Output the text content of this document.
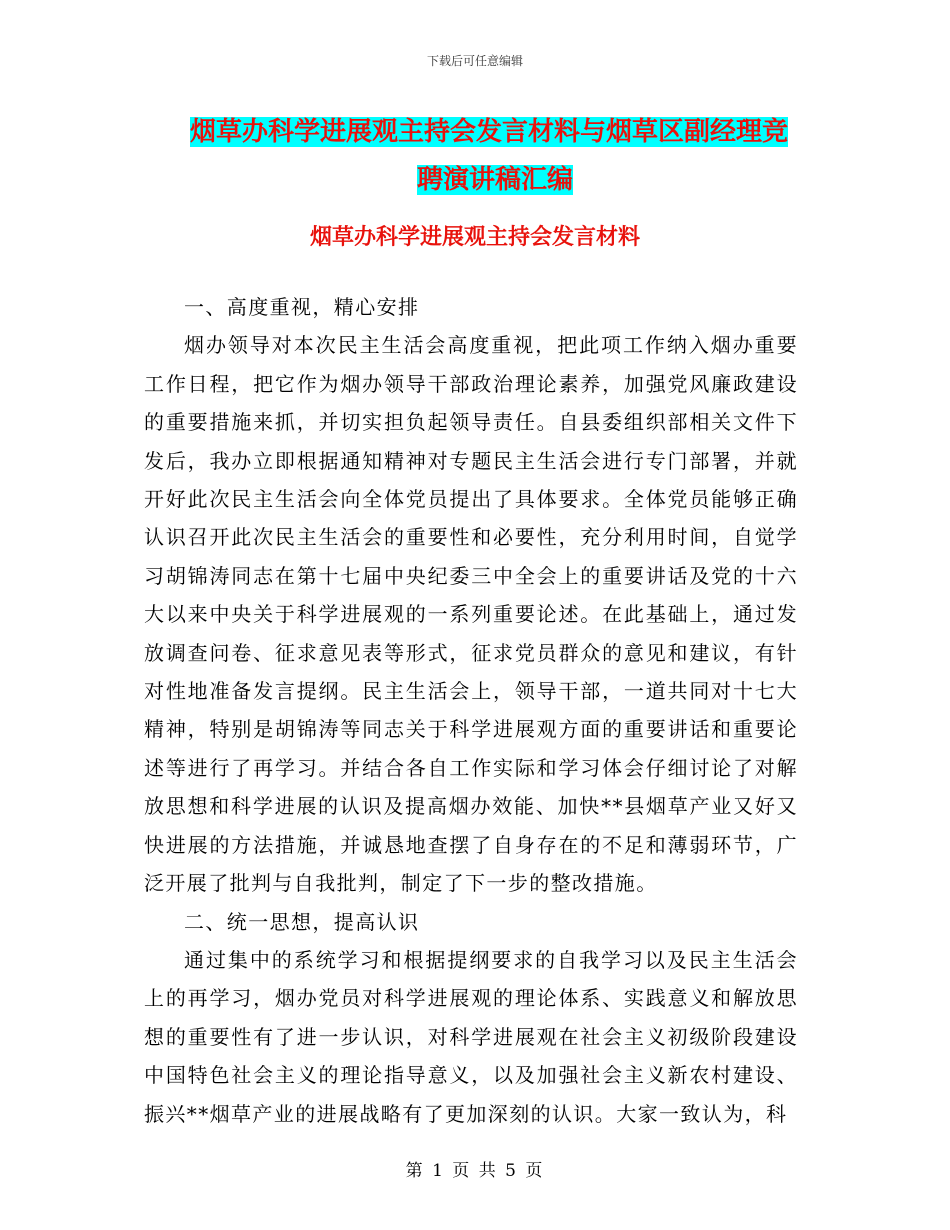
下载后可任意编辑
烟草办科学进展观主持会发言材料与烟草区副经理竞
聘演讲稿汇编
烟草办科学进展观主持会发言材料

一、高度重视，精心安排

烟办领导对本次民主生活会高度重视，把此项工作纳入烟办重要工作日程，把它作为烟办领导干部政治理论素养，加强党风廉政建设的重要措施来抓，并切实担负起领导责任。自县委组织部相关文件下发后，我办立即根据通知精神对专题民主生活会进行专门部署，并就开好此次民主生活会向全体党员提出了具体要求。全体党员能够正确认识召开此次民主生活会的重要性和必要性，充分利用时间，自觉学习胡锦涛同志在第十七届中央纪委三中全会上的重要讲话及党的十六大以来中央关于科学进展观的一系列重要论述。在此基础上，通过发放调查问卷、征求意见表等形式，征求党员群众的意见和建议，有针对性地准备发言提纲。民主生活会上，领导干部，一道共同对十七大精神，特别是胡锦涛等同志关于科学进展观方面的重要讲话和重要论述等进行了再学习。并结合各自工作实际和学习体会仔细讨论了对解放思想和科学进展的认识及提高烟办效能、加快**县烟草产业又好又快进展的方法措施，并诚恳地查摆了自身存在的不足和薄弱环节，广泛开展了批判与自我批判，制定了下一步的整改措施。

二、统一思想，提高认识

通过集中的系统学习和根据提纲要求的自我学习以及民主生活会上的再学习，烟办党员对科学进展观的理论体系、实践意义和解放思想的重要性有了进一步认识，对科学进展观在社会主义初级阶段建设中国特色社会主义的理论指导意义，以及加强社会主义新农村建设、振兴**烟草产业的进展战略有了更加深刻的认识。大家一致认为，科

第 1 页 共 5 页
